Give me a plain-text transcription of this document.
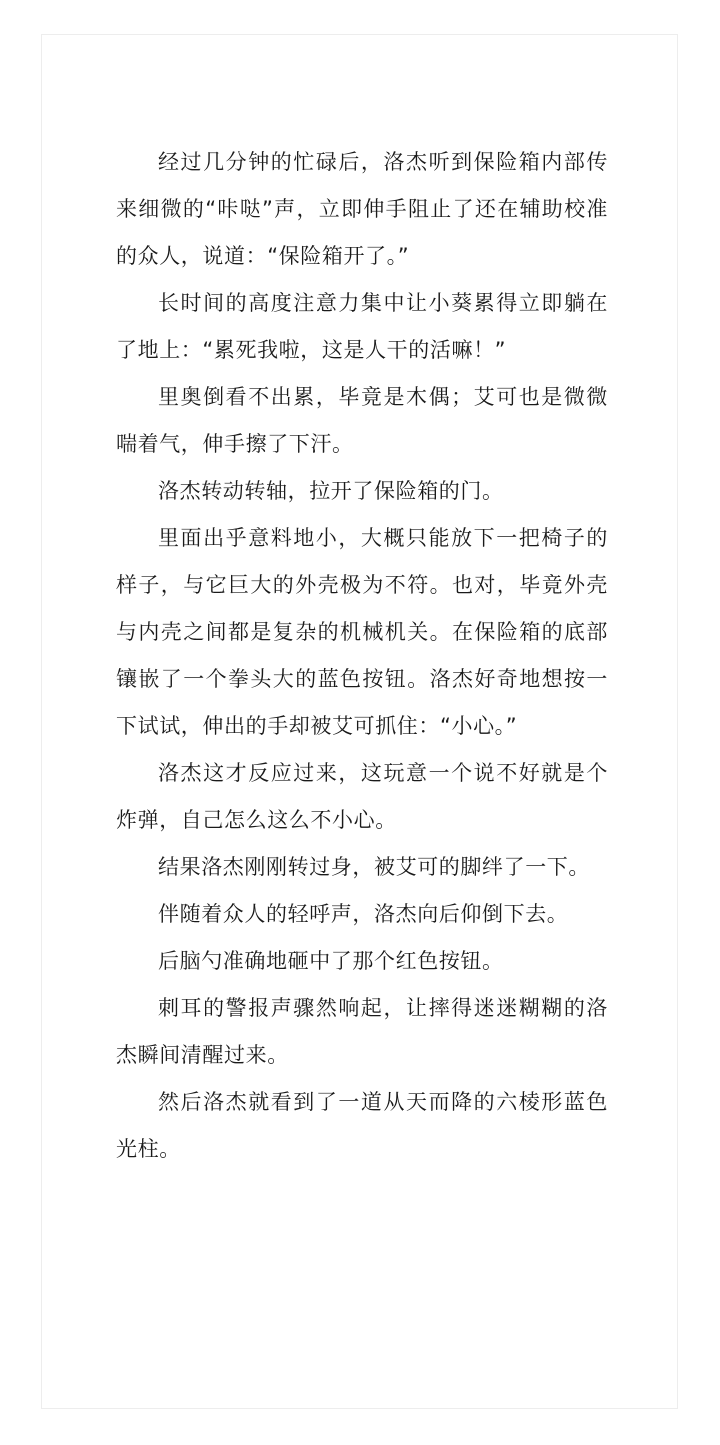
经过几分钟的忙碌后，洛杰听到保险箱内部传来细微的“咔哒”声，立即伸手阻止了还在辅助校准的众人，说道：“保险箱开了。”

长时间的高度注意力集中让小葵累得立即躺在了地上：“累死我啦，这是人干的活嘛！”

里奥倒看不出累，毕竟是木偶；艾可也是微微喘着气，伸手擦了下汗。

洛杰转动转轴，拉开了保险箱的门。

里面出乎意料地小，大概只能放下一把椅子的样子，与它巨大的外壳极为不符。也对，毕竟外壳与内壳之间都是复杂的机械机关。在保险箱的底部镶嵌了一个拳头大的蓝色按钮。洛杰好奇地想按一下试试，伸出的手却被艾可抓住：“小心。”

洛杰这才反应过来，这玩意一个说不好就是个炸弹，自己怎么这么不小心。

结果洛杰刚刚转过身，被艾可的脚绊了一下。

伴随着众人的轻呼声，洛杰向后仰倒下去。

后脑勺准确地砸中了那个红色按钮。

刺耳的警报声骤然响起，让摔得迷迷糊糊的洛杰瞬间清醒过来。

然后洛杰就看到了一道从天而降的六棱形蓝色光柱。
